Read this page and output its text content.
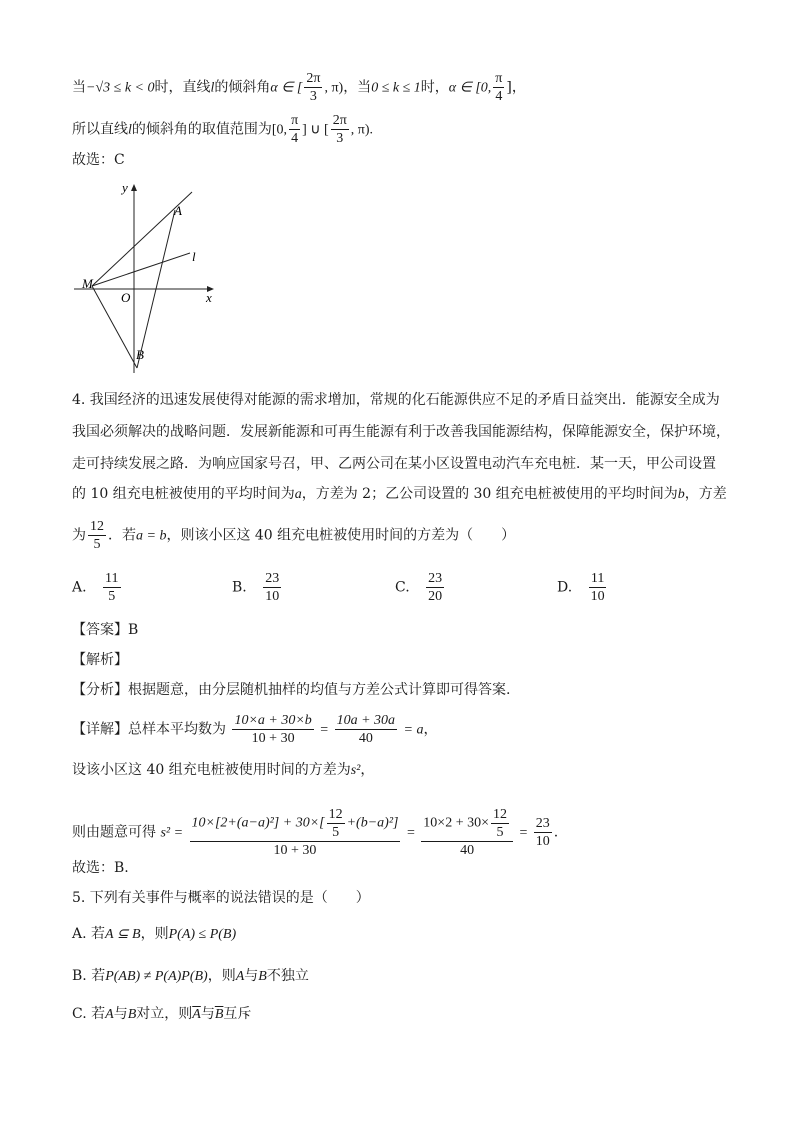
当−√3 ≤ k < 0时，直线l的倾斜角α ∈ [ $\frac{2\pi}{3}$ , π)，当0 ≤ k ≤ 1时，α ∈ [0, $\frac{\pi}{4}$ ]，
所以直线l的倾斜角的取值范围为[0, $\frac{\pi}{4}$ ] ∪ [ $\frac{2\pi}{3}$ , π).
故选：C
y
A
l
M
O	x
B
4. 我国经济的迅速发展使得对能源的需求增加，常规的化石能源供应不足的矛盾日益突出．能源安全成为
我国必须解决的战略问题．发展新能源和可再生能源有利于改善我国能源结构，保障能源安全，保护环境，
走可持续发展之路．为响应国家号召，甲、乙两公司在某小区设置电动汽车充电桩．某一天，甲公司设置
的 10 组充电桩被使用的平均时间为a，方差为 2；乙公司设置的 30 组充电桩被使用的平均时间为b，方差
为 $\frac{12}{5}$ ．若a = b，则该小区这 40 组充电桩被使用时间的方差为（　　）
A. $\frac{11}{5}$	B. $\frac{23}{10}$	C. $\frac{23}{20}$	D. $\frac{11}{10}$
【答案】B
【解析】
【分析】根据题意，由分层随机抽样的均值与方差公式计算即可得答案.
【详解】总样本平均数为 $\frac{10\times a + 30\times b}{10 + 30} = \frac{10a + 30a}{40} = a$，
设该小区这 40 组充电桩被使用时间的方差为s²，
则由题意可得 $s^2 = \frac{10\times[2+(a-a)^2] + 30\times[ \frac{12}{5} +(b-a)^2]}{10 + 30} = \frac{10\times 2 + 30\times \frac{12}{5}}{40} = \frac{23}{10}$ .
故选：B.
5. 下列有关事件与概率的说法错误的是（　　）
A. 若A ⊆ B，则P(A) ≤ P(B)
B. 若P(AB) ≠ P(A)P(B)，则A与B不独立
C. 若A与B对立，则$\overline{A}$与$\overline{B}$互斥
